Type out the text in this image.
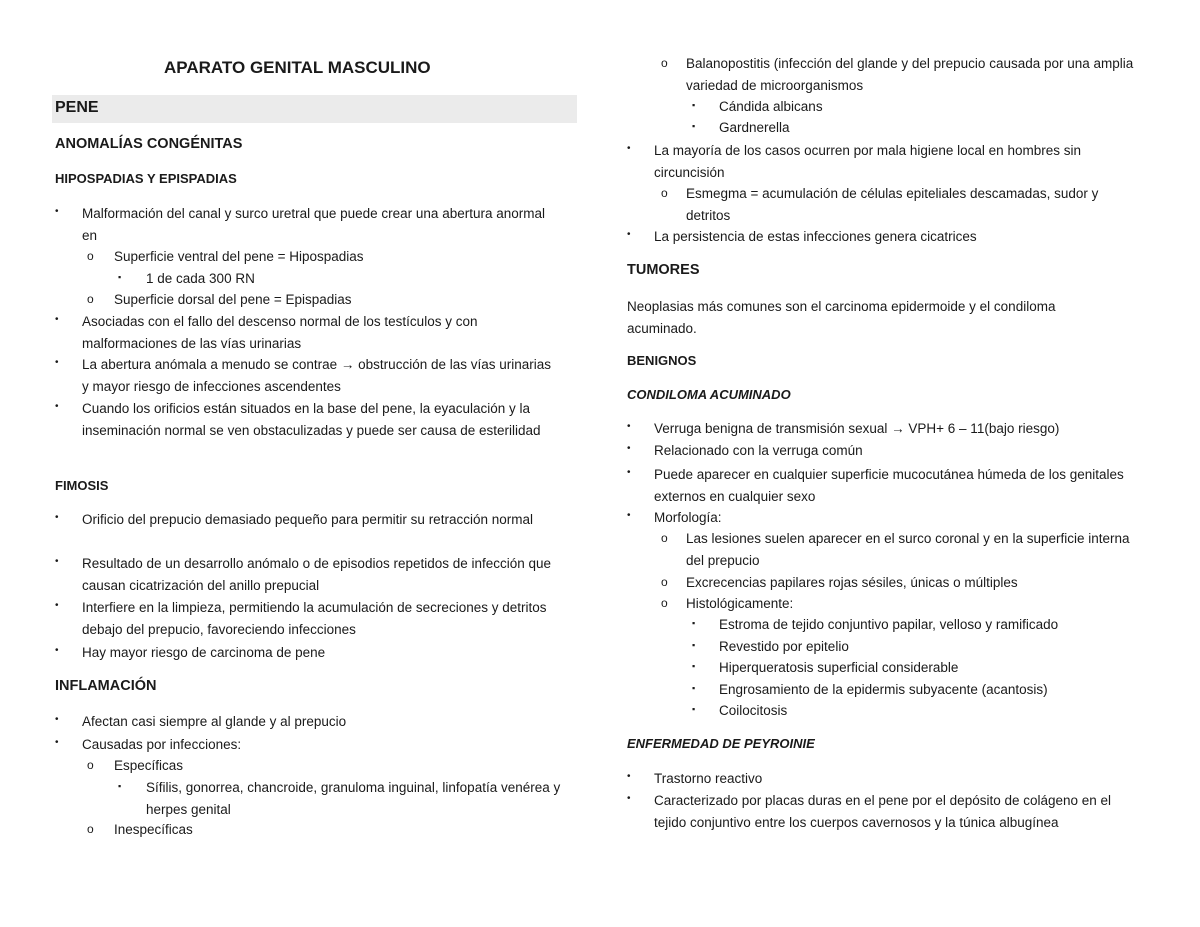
APARATO GENITAL MASCULINO
PENE
ANOMALÍAS CONGÉNITAS
HIPOSPADIAS Y EPISPADIAS
• Malformación del canal y surco uretral que puede crear una abertura anormal en
o Superficie ventral del pene = Hipospadias
▪ 1 de cada 300 RN
o Superficie dorsal del pene = Epispadias
• Asociadas con el fallo del descenso normal de los testículos y con malformaciones de las vías urinarias
• La abertura anómala a menudo se contrae → obstrucción de las vías urinarias y mayor riesgo de infecciones ascendentes
• Cuando los orificios están situados en la base del pene, la eyaculación y la inseminación normal se ven obstaculizadas y puede ser causa de esterilidad
FIMOSIS
• Orificio del prepucio demasiado pequeño para permitir su retracción normal
• Resultado de un desarrollo anómalo o de episodios repetidos de infección que causan cicatrización del anillo prepucial
• Interfiere en la limpieza, permitiendo la acumulación de secreciones y detritos debajo del prepucio, favoreciendo infecciones
• Hay mayor riesgo de carcinoma de pene
INFLAMACIÓN
• Afectan casi siempre al glande y al prepucio
• Causadas por infecciones:
o Específicas
▪ Sífilis, gonorrea, chancroide, granuloma inguinal, linfopatía venérea y herpes genital
o Inespecíficas
o Balanopostitis (infección del glande y del prepucio causada por una amplia variedad de microorganismos
▪ Cándida albicans
▪ Gardnerella
• La mayoría de los casos ocurren por mala higiene local en hombres sin circuncisión
o Esmegma = acumulación de células epiteliales descamadas, sudor y detritos
• La persistencia de estas infecciones genera cicatrices
TUMORES
Neoplasias más comunes son el carcinoma epidermoide y el condiloma acuminado.
BENIGNOS
CONDILOMA ACUMINADO
• Verruga benigna de transmisión sexual → VPH+ 6 – 11(bajo riesgo)
• Relacionado con la verruga común
• Puede aparecer en cualquier superficie mucocutánea húmeda de los genitales externos en cualquier sexo
• Morfología:
o Las lesiones suelen aparecer en el surco coronal y en la superficie interna del prepucio
o Excrecencias papilares rojas sésiles, únicas o múltiples
o Histológicamente:
▪ Estroma de tejido conjuntivo papilar, velloso y ramificado
▪ Revestido por epitelio
▪ Hiperqueratosis superficial considerable
▪ Engrosamiento de la epidermis subyacente (acantosis)
▪ Coilocitosis
ENFERMEDAD DE PEYROINIE
• Trastorno reactivo
• Caracterizado por placas duras en el pene por el depósito de colágeno en el tejido conjuntivo entre los cuerpos cavernosos y la túnica albugínea
